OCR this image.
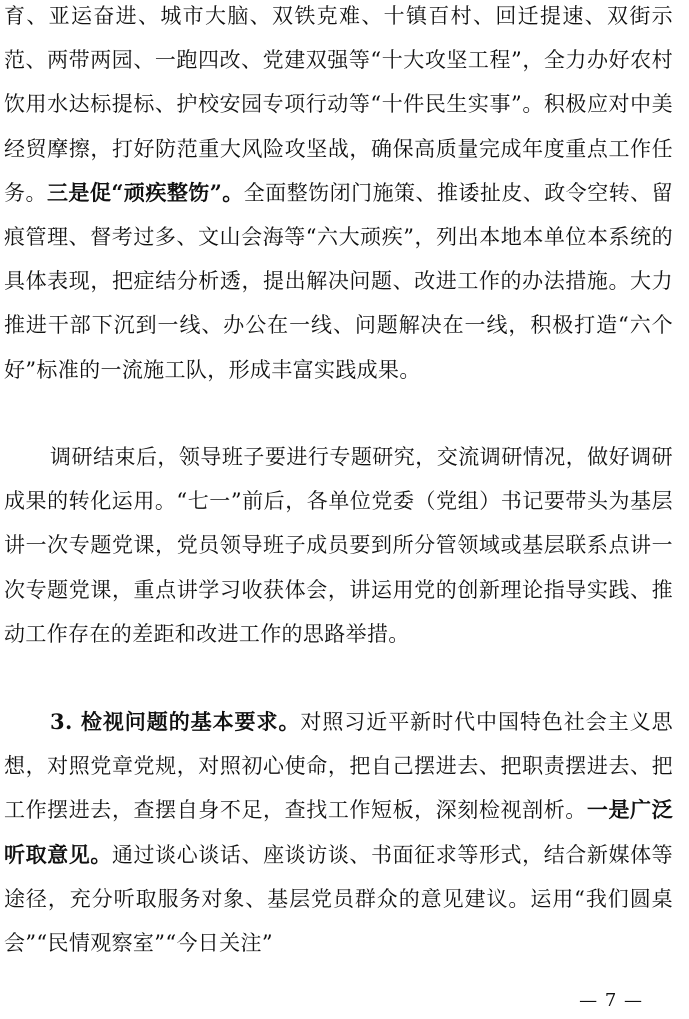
育、亚运奋进、城市大脑、双铁克难、十镇百村、回迁提速、双街示范、两带两园、一跑四改、党建双强等“十大攻坚工程”，全力办好农村饮用水达标提标、护校安园专项行动等“十件民生实事”。积极应对中美经贸摩擦，打好防范重大风险攻坚战，确保高质量完成年度重点工作任务。三是促“顽疾整饬”。全面整饬闭门施策、推诿扯皮、政令空转、留痕管理、督考过多、文山会海等“六大顽疾”，列出本地本单位本系统的具体表现，把症结分析透，提出解决问题、改进工作的办法措施。大力推进干部下沉到一线、办公在一线、问题解决在一线，积极打造“六个好”标准的一流施工队，形成丰富实践成果。

调研结束后，领导班子要进行专题研究，交流调研情况，做好调研成果的转化运用。“七一”前后，各单位党委（党组）书记要带头为基层讲一次专题党课，党员领导班子成员要到所分管领域或基层联系点讲一次专题党课，重点讲学习收获体会，讲运用党的创新理论指导实践、推动工作存在的差距和改进工作的思路举措。

3. 检视问题的基本要求。对照习近平新时代中国特色社会主义思想，对照党章党规，对照初心使命，把自己摆进去、把职责摆进去、把工作摆进去，查摆自身不足，查找工作短板，深刻检视剖析。一是广泛听取意见。通过谈心谈话、座谈访谈、书面征求等形式，结合新媒体等途径，充分听取服务对象、基层党员群众的意见建议。运用“我们圆桌会”“民情观察室”“今日关注”

— 7 —
